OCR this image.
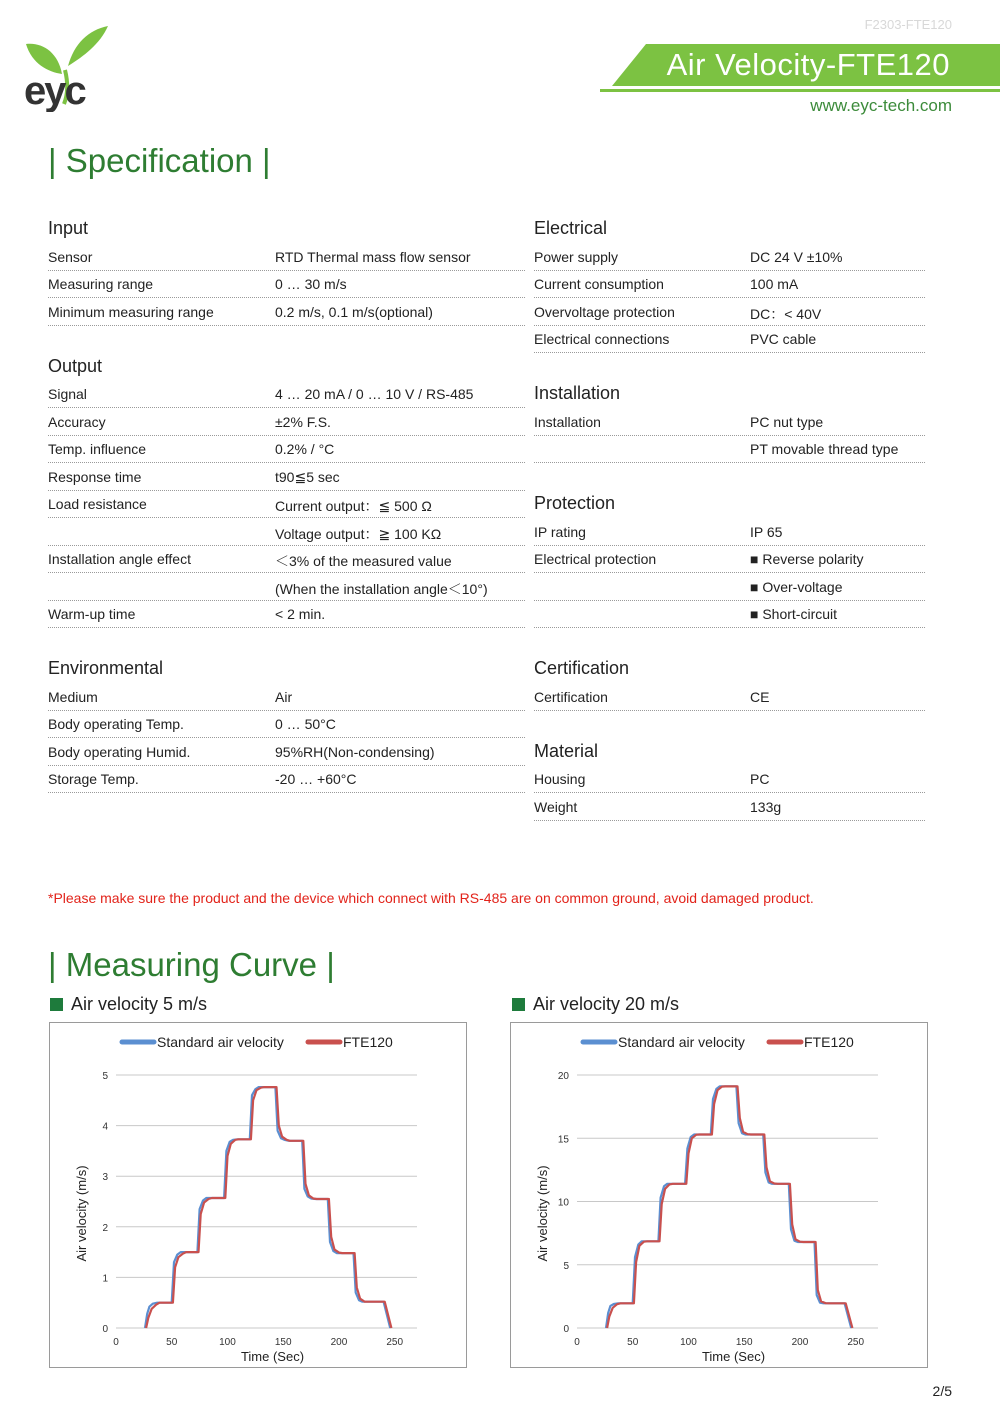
F2303-FTE120
eyc
Air Velocity-FTE120
www.eyc-tech.com
| Specification |
Input
Sensor	RTD Thermal mass flow sensor
Measuring range	0 … 30 m/s
Minimum measuring range	0.2 m/s, 0.1 m/s(optional)
Output
Signal	4 … 20 mA / 0 … 10 V / RS-485
Accuracy	±2% F.S.
Temp. influence	0.2% / °C
Response time	t90≦5 sec
Load resistance	Current output：≦ 500 Ω
Voltage output：≧ 100 KΩ
Installation angle effect	＜3% of the measured value
(When the installation angle＜10°)
Warm-up time	< 2 min.
Environmental
Medium	Air
Body operating Temp.	0 … 50°C
Body operating Humid.	95%RH(Non-condensing)
Storage Temp.	-20 … +60°C
Electrical
Power supply	DC 24 V ±10%
Current consumption	100 mA
Overvoltage protection	DC：< 40V
Electrical connections	PVC cable
Installation
Installation	PC nut type
PT movable thread type
Protection
IP rating	IP 65
Electrical protection	■ Reverse polarity
■ Over-voltage
■ Short-circuit
Certification
Certification	CE
Material
Housing	PC
Weight	133g
*Please make sure the product and the device which connect with RS-485 are on common ground, avoid damaged product.
| Measuring Curve |
Air velocity 5 m/s
0
1
2
3
4
5
0	50	100	150	200	250
Time (Sec)
Air velocity (m/s)
Standard air velocity	FTE120
Air velocity 20 m/s
0
5
10
15
20
0	50	100	150	200	250
Time (Sec)
Air velocity (m/s)
Standard air velocity	FTE120
2/5
